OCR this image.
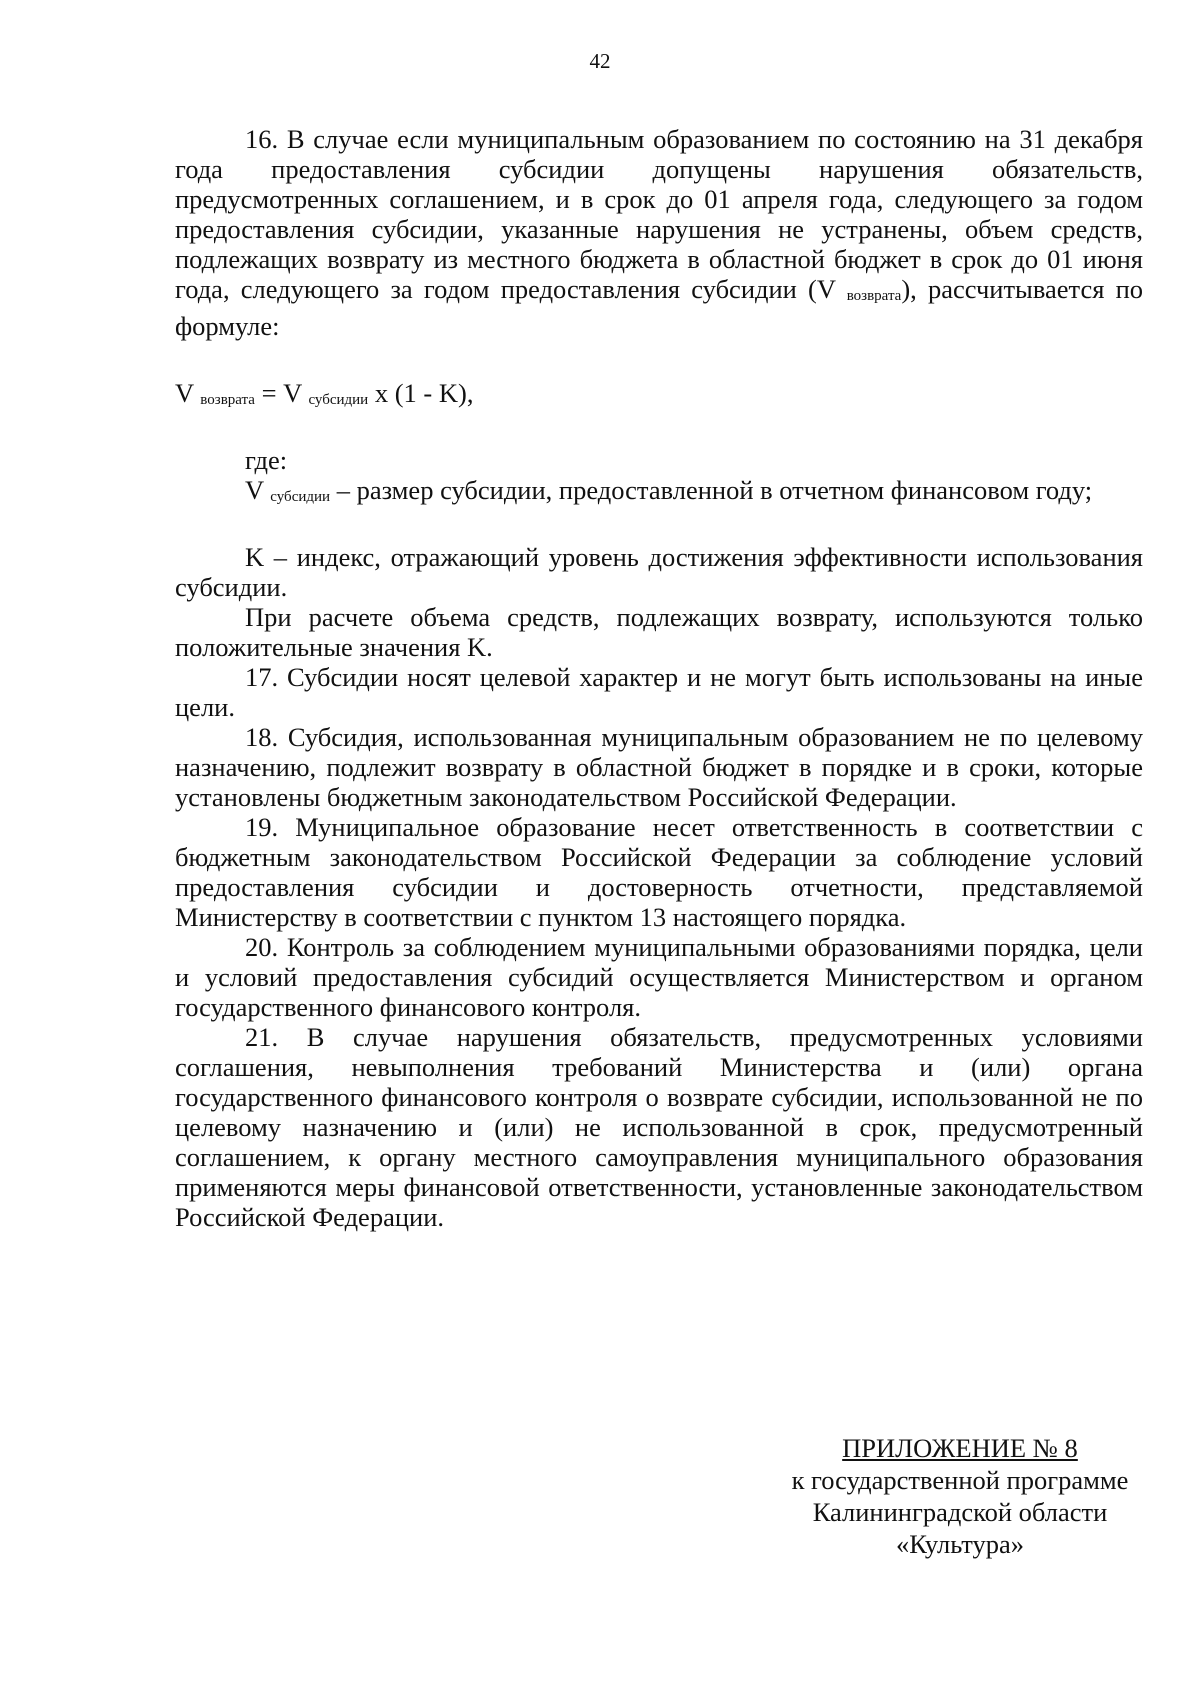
42

16. В случае если муниципальным образованием по состоянию на 31 декабря года предоставления субсидии допущены нарушения обязательств, предусмотренных соглашением, и в срок до 01 апреля года, следующего за годом предоставления субсидии, указанные нарушения не устранены, объем средств, подлежащих возврату из местного бюджета в областной бюджет в срок до 01 июня года, следующего за годом предоставления субсидии (V возврата), рассчитывается по формуле:

V возврата = V субсидии x (1 - K),

где:

V субсидии – размер субсидии, предоставленной в отчетном финансовом году;

K – индекс, отражающий уровень достижения эффективности использования субсидии.

При расчете объема средств, подлежащих возврату, используются только положительные значения K.

17. Субсидии носят целевой характер и не могут быть использованы на иные цели.

18. Субсидия, использованная муниципальным образованием не по целевому назначению, подлежит возврату в областной бюджет в порядке и в сроки, которые установлены бюджетным законодательством Российской Федерации.

19. Муниципальное образование несет ответственность в соответствии с бюджетным законодательством Российской Федерации за соблюдение условий предоставления субсидии и достоверность отчетности, представляемой Министерству в соответствии с пунктом 13 настоящего порядка.

20. Контроль за соблюдением муниципальными образованиями порядка, цели и условий предоставления субсидий осуществляется Министерством и органом государственного финансового контроля.

21. В случае нарушения обязательств, предусмотренных условиями соглашения, невыполнения требований Министерства и (или) органа государственного финансового контроля о возврате субсидии, использованной не по целевому назначению и (или) не использованной в срок, предусмотренный соглашением, к органу местного самоуправления муниципального образования применяются меры финансовой ответственности, установленные законодательством Российской Федерации.

ПРИЛОЖЕНИЕ № 8
к государственной программе
Калининградской области
«Культура»
